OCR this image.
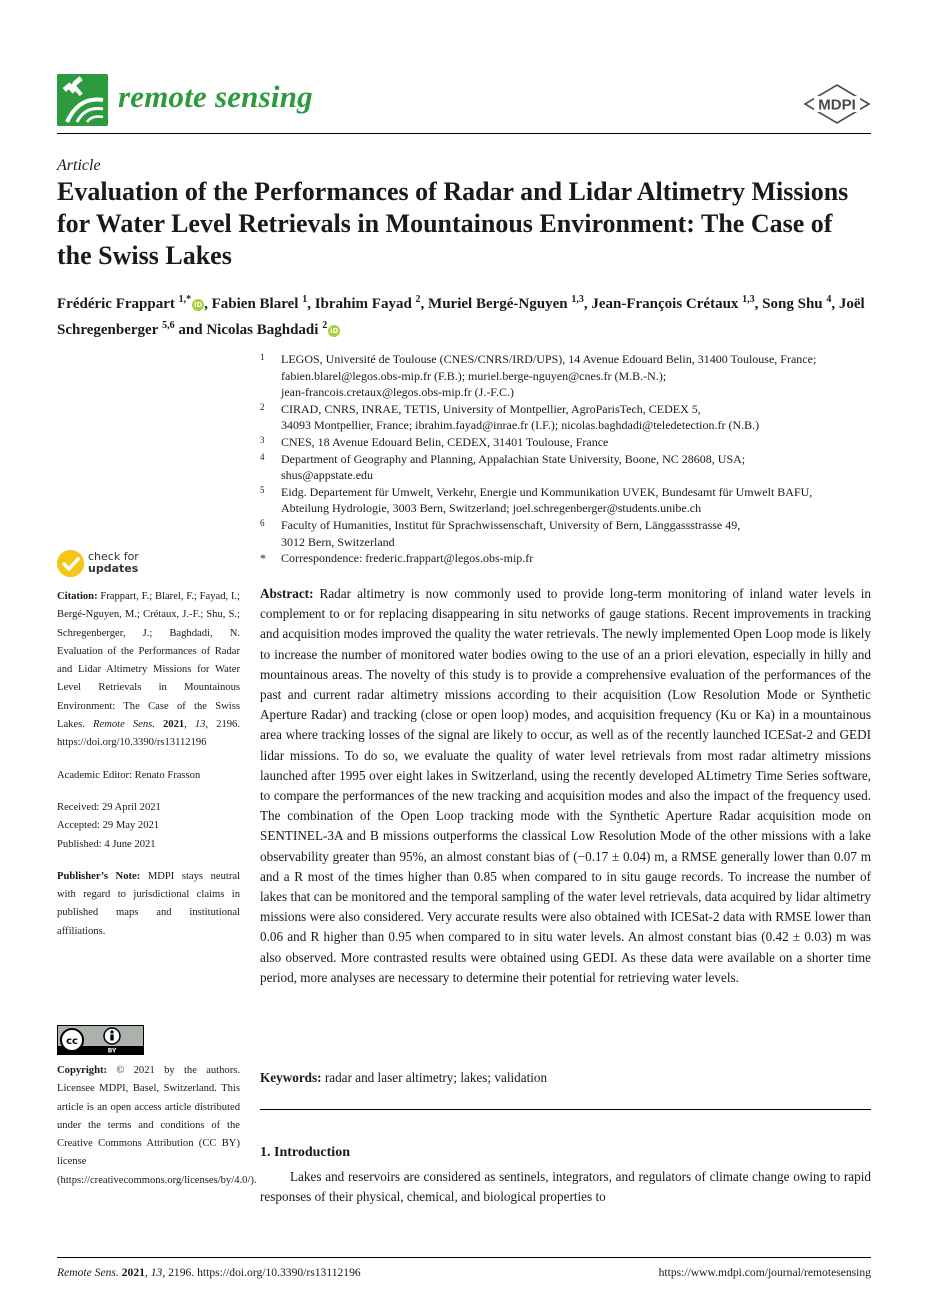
remote sensing	MDPI
Article
Evaluation of the Performances of Radar and Lidar Altimetry Missions for Water Level Retrievals in Mountainous Environment: The Case of the Swiss Lakes
Frédéric Frappart $^{1,*}$ iD , Fabien Blarel $^1$, Ibrahim Fayad $^2$, Muriel Bergé-Nguyen $^{1,3}$, Jean-François Crétaux $^{1,3}$, Song Shu $^4$, Joël Schregenberger $^{5,6}$ and Nicolas Baghdadi $^2$ iD
1 LEGOS, Université de Toulouse (CNES/CNRS/IRD/UPS), 14 Avenue Edouard Belin, 31400 Toulouse, France;
fabien.blarel@legos.obs-mip.fr (F.B.); muriel.berge-nguyen@cnes.fr (M.B.-N.);
jean-francois.cretaux@legos.obs-mip.fr (J.-F.C.)
2 CIRAD, CNRS, INRAE, TETIS, University of Montpellier, AgroParisTech, CEDEX 5,
34093 Montpellier, France; ibrahim.fayad@inrae.fr (I.F.); nicolas.baghdadi@teledetection.fr (N.B.)
3 CNES, 18 Avenue Edouard Belin, CEDEX, 31401 Toulouse, France
4 Department of Geography and Planning, Appalachian State University, Boone, NC 28608, USA;
shus@appstate.edu
5 Eidg. Departement für Umwelt, Verkehr, Energie und Kommunikation UVEK, Bundesamt für Umwelt BAFU,
Abteilung Hydrologie, 3003 Bern, Switzerland; joel.schregenberger@students.unibe.ch
6 Faculty of Humanities, Institut für Sprachwissenschaft, University of Bern, Länggassstrasse 49,
3012 Bern, Switzerland
* Correspondence: frederic.frappart@legos.obs-mip.fr
check for
updates
Citation: Frappart, F.; Blarel, F.; Fayad, I.; Bergé-Nguyen, M.; Crétaux, J.-F.; Shu, S.; Schregenberger, J.; Baghdadi, N. Evaluation of the Performances of Radar and Lidar Altimetry Missions for Water Level Retrievals in Mountainous Environment: The Case of the Swiss Lakes. Remote Sens. 2021, 13, 2196. https://doi.org/10.3390/rs13112196
Academic Editor: Renato Frasson
Received: 29 April 2021
Accepted: 29 May 2021
Published: 4 June 2021
Publisher’s Note: MDPI stays neutral with regard to jurisdictional claims in published maps and institutional affiliations.
cc
BY
Copyright: © 2021 by the authors. Licensee MDPI, Basel, Switzerland. This article is an open access article distributed under the terms and conditions of the Creative Commons Attribution (CC BY) license (https://creativecommons.org/licenses/by/4.0/).

Abstract: Radar altimetry is now commonly used to provide long-term monitoring of inland water levels in complement to or for replacing disappearing in situ networks of gauge stations. Recent improvements in tracking and acquisition modes improved the quality the water retrievals. The newly implemented Open Loop mode is likely to increase the number of monitored water bodies owing to the use of an a priori elevation, especially in hilly and mountainous areas. The novelty of this study is to provide a comprehensive evaluation of the performances of the past and current radar altimetry missions according to their acquisition (Low Resolution Mode or Synthetic Aperture Radar) and tracking (close or open loop) modes, and acquisition frequency (Ku or Ka) in a mountainous area where tracking losses of the signal are likely to occur, as well as of the recently launched ICESat-2 and GEDI lidar missions. To do so, we evaluate the quality of water level retrievals from most radar altimetry missions launched after 1995 over eight lakes in Switzerland, using the recently developed ALtimetry Time Series software, to compare the performances of the new tracking and acquisition modes and also the impact of the frequency used. The combination of the Open Loop tracking mode with the Synthetic Aperture Radar acquisition mode on SENTINEL-3A and B missions outperforms the classical Low Resolution Mode of the other missions with a lake observability greater than 95%, an almost constant bias of (−0.17 ± 0.04) m, a RMSE generally lower than 0.07 m and a R most of the times higher than 0.85 when compared to in situ gauge records. To increase the number of lakes that can be monitored and the temporal sampling of the water level retrievals, data acquired by lidar altimetry missions were also considered. Very accurate results were also obtained with ICESat-2 data with RMSE lower than 0.06 and R higher than 0.95 when compared to in situ water levels. An almost constant bias (0.42 ± 0.03) m was also observed. More contrasted results were obtained using GEDI. As these data were available on a shorter time period, more analyses are necessary to determine their potential for retrieving water levels.

Keywords: radar and laser altimetry; lakes; validation
1. Introduction

Lakes and reservoirs are considered as sentinels, integrators, and regulators of climate change owing to rapid responses of their physical, chemical, and biological properties to

Remote Sens. 2021, 13, 2196. https://doi.org/10.3390/rs13112196	https://www.mdpi.com/journal/remotesensing
